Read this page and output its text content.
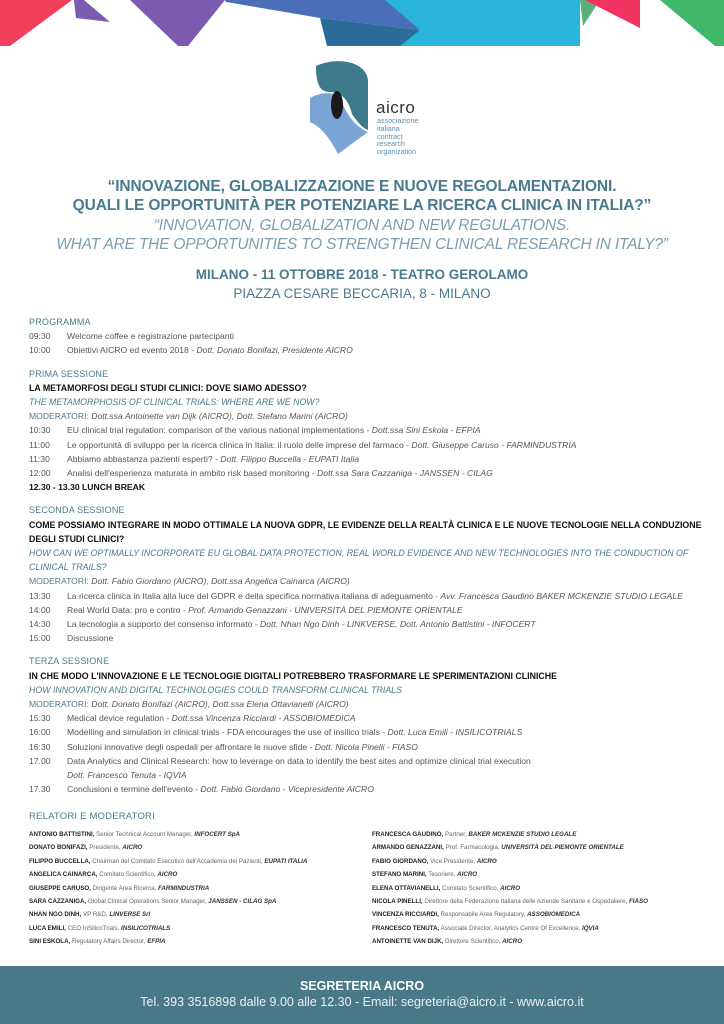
aicro
associazione
italiana
contract
research
organization
“INNOVAZIONE, GLOBALIZZAZIONE E NUOVE REGOLAMENTAZIONI.
QUALI LE OPPORTUNITÀ PER POTENZIARE LA RICERCA CLINICA IN ITALIA?”
“INNOVATION, GLOBALIZATION AND NEW REGULATIONS.
WHAT ARE THE OPPORTUNITIES TO STRENGTHEN CLINICAL RESEARCH IN ITALY?”
MILANO - 11 OTTOBRE 2018 - TEATRO GEROLAMO
PIAZZA CESARE BECCARIA, 8 - MILANO
PROGRAMMA
09:30	Welcome coffee e registrazione partecipanti
10:00	Obiettivi AICRO ed evento 2018 - Dott. Donato Bonifazi, Presidente AICRO
PRIMA SESSIONE
LA METAMORFOSI DEGLI STUDI CLINICI: DOVE SIAMO ADESSO?
THE METAMORPHOSIS OF CLINICAL TRIALS: WHERE ARE WE NOW?
MODERATORI: Dott.ssa Antoinette van Dijk (AICRO), Dott. Stefano Marini (AICRO)
10:30	EU clinical trial regulation: comparison of the various national implementations - Dott.ssa Sini Eskola - EFPIA
11:00	Le opportunità di sviluppo per la ricerca clinica in Italia: il ruolo delle imprese del farmaco - Dott. Giuseppe Caruso - FARMINDUSTRIA
11:30	Abbiamo abbastanza pazienti esperti? - Dott. Filippo Buccella - EUPATI Italia
12:00	Analisi dell'esperienza maturata in ambito risk based monitoring - Dott.ssa Sara Cazzaniga - JANSSEN - CILAG
12.30 - 13.30 LUNCH BREAK
SECONDA SESSIONE
COME POSSIAMO INTEGRARE IN MODO OTTIMALE LA NUOVA GDPR, LE EVIDENZE DELLA REALTÀ CLINICA E LE NUOVE TECNOLOGIE NELLA CONDUZIONE DEGLI STUDI CLINICI?
HOW CAN WE OPTIMALLY INCORPORATE EU GLOBAL DATA PROTECTION, REAL WORLD EVIDENCE AND NEW TECHNOLOGIES INTO THE CONDUCTION OF CLINICAL TRAILS?
MODERATORI: Dott. Fabio Giordano (AICRO), Dott.ssa Angelica Cainarca (AICRO)
13:30	La ricerca clinica in Italia alla luce del GDPR e della specifica normativa italiana di adeguamento - Avv. Francesca Gaudino BAKER MCKENZIE STUDIO LEGALE
14:00	Real World Data: pro e contro - Prof. Armando Genazzani - UNIVERSITÀ DEL PIEMONTE ORIENTALE
14:30	La tecnologia a supporto del consenso informato - Dott. Nhan Ngo Dinh - LINKVERSE, Dott. Antonio Battistini - INFOCERT
15:00	Discussione
TERZA SESSIONE
IN CHE MODO L'INNOVAZIONE E LE TECNOLOGIE DIGITALI POTREBBERO TRASFORMARE LE SPERIMENTAZIONI CLINICHE
HOW INNOVATION AND DIGITAL TECHNOLOGIES COULD TRANSFORM CLINICAL TRIALS
MODERATORI: Dott. Donato Bonifazi (AICRO), Dott.ssa Elena Ottavianelli (AICRO)
15:30	Medical device regulation - Dott.ssa Vincenza Ricciardi - ASSOBIOMEDICA
16:00	Modelling and simulation in clinical trials - FDA encourages the use of insilico trials - Dott. Luca Emili - INSILICOTRIALS
16:30	Soluzioni innovative degli ospedali per affrontare le nuove sfide - Dott. Nicola Pinelli - FIASO
17.00	Data Analytics and Clinical Research: how to leverage on data to identify the best sites and optimize clinical trial execution
Dott. Francesco Tenuta - IQVIA
17.30	Conclusioni e termine dell'evento - Dott. Fabio Giordano - Vicepresidente AICRO
RELATORI E MODERATORI
ANTONIO BATTISTINI, Senior Technical Account Manager, INFOCERT SpA
DONATO BONIFAZI, Presidente, AICRO
FILIPPO BUCCELLA, Chairman del Comitato Esecutivo dell'Accademia dei Pazienti, EUPATI ITALIA
ANGELICA CAINARCA, Comitato Scientifico, AICRO
GIUSEPPE CARUSO, Dirigente Area Ricerca, FARMINDUSTRIA
SARA CAZZANIGA, Global Clinical Operations Senior Manager, JANSSEN - CILAG SpA
NHAN NGO DINH, VP R&D, LINVERSE Srl
LUCA EMILI, CEO InSilicoTrials, INSILICOTRIALS
SINI ESKOLA, Regulatory Affairs Director, EFPIA
FRANCESCA GAUDINO, Partner, BAKER MCKENZIE STUDIO LEGALE
ARMANDO GENAZZANI, Prof. Farmacologia, UNIVERSITÀ DEL PIEMONTE ORIENTALE
FABIO GIORDANO, Vice Presidente, AICRO
STEFANO MARINI, Tesoriere, AICRO
ELENA OTTAVIANELLI, Comitato Scientifico, AICRO
NICOLA PINELLI, Direttore della Federazione Italiana delle Aziende Sanitarie e Ospedaliere, FIASO
VINCENZA RICCIARDI, Responsabile Area Regulatory, ASSOBIOMEDICA
FRANCESCO TENUTA, Associate Director, Analytics Centre Of Excellence, IQVIA
ANTOINETTE VAN DIJK, Direttore Scientifico, AICRO
SEGRETERIA AICRO
Tel. 393 3516898 dalle 9.00 alle 12.30 - Email: segreteria@aicro.it - www.aicro.it
